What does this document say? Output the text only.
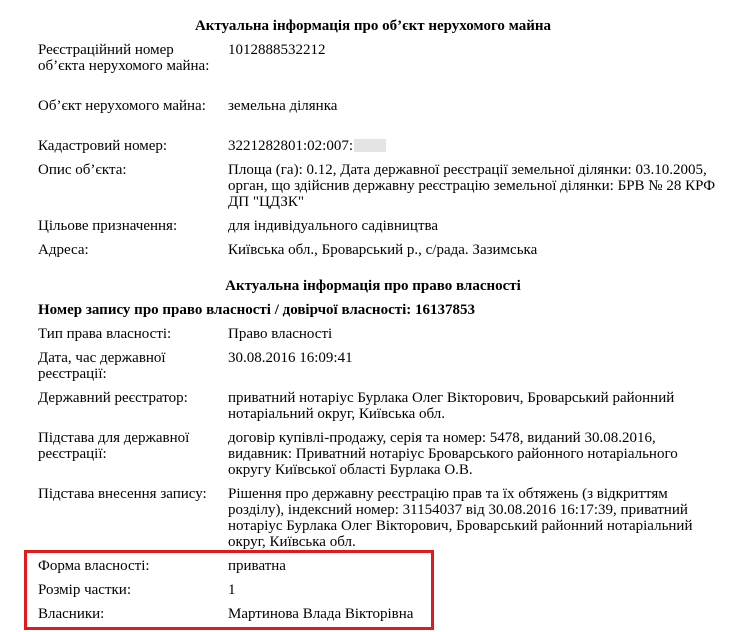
Актуальна інформація про об’єкт нерухомого майна
Реєстраційний номер об’єкта нерухомого майна:
1012888532212
Об’єкт нерухомого майна:	земельна ділянка
Кадастровий номер:	3221282801:02:007:
Опис об’єкта:	Площа (га): 0.12, Дата державної реєстрації земельної ділянки: 03.10.2005, орган, що здійснив державну реєстрацію земельної ділянки: БРВ № 28 КРФ ДП "ЦДЗК"
Цільове призначення:	для індивідуального садівництва
Адреса:	Київська обл., Броварський р., с/рада. Зазимська
Актуальна інформація про право власності
Номер запису про право власності / довірчої власності: 16137853
Тип права власності:	Право власності
Дата, час державної реєстрації:
30.08.2016 16:09:41
Державний реєстратор:	приватний нотаріус Бурлака Олег Вікторович, Броварський районний нотаріальний округ, Київська обл.
Підстава для державної реєстрації:
договір купівлі-продажу, серія та номер: 5478, виданий 30.08.2016, видавник: Приватний нотаріус Броварського районного нотаріального округу Київської області Бурлака О.В.
Підстава внесення запису:	Рішення про державну реєстрацію прав та їх обтяжень (з відкриттям розділу), індексний номер: 31154037 від 30.08.2016 16:17:39, приватний нотаріус Бурлака Олег Вікторович, Броварський районний нотаріальний округ, Київська обл.
Форма власності:	приватна
Розмір частки:	1
Власники:	Мартинова Влада Вікторівна
